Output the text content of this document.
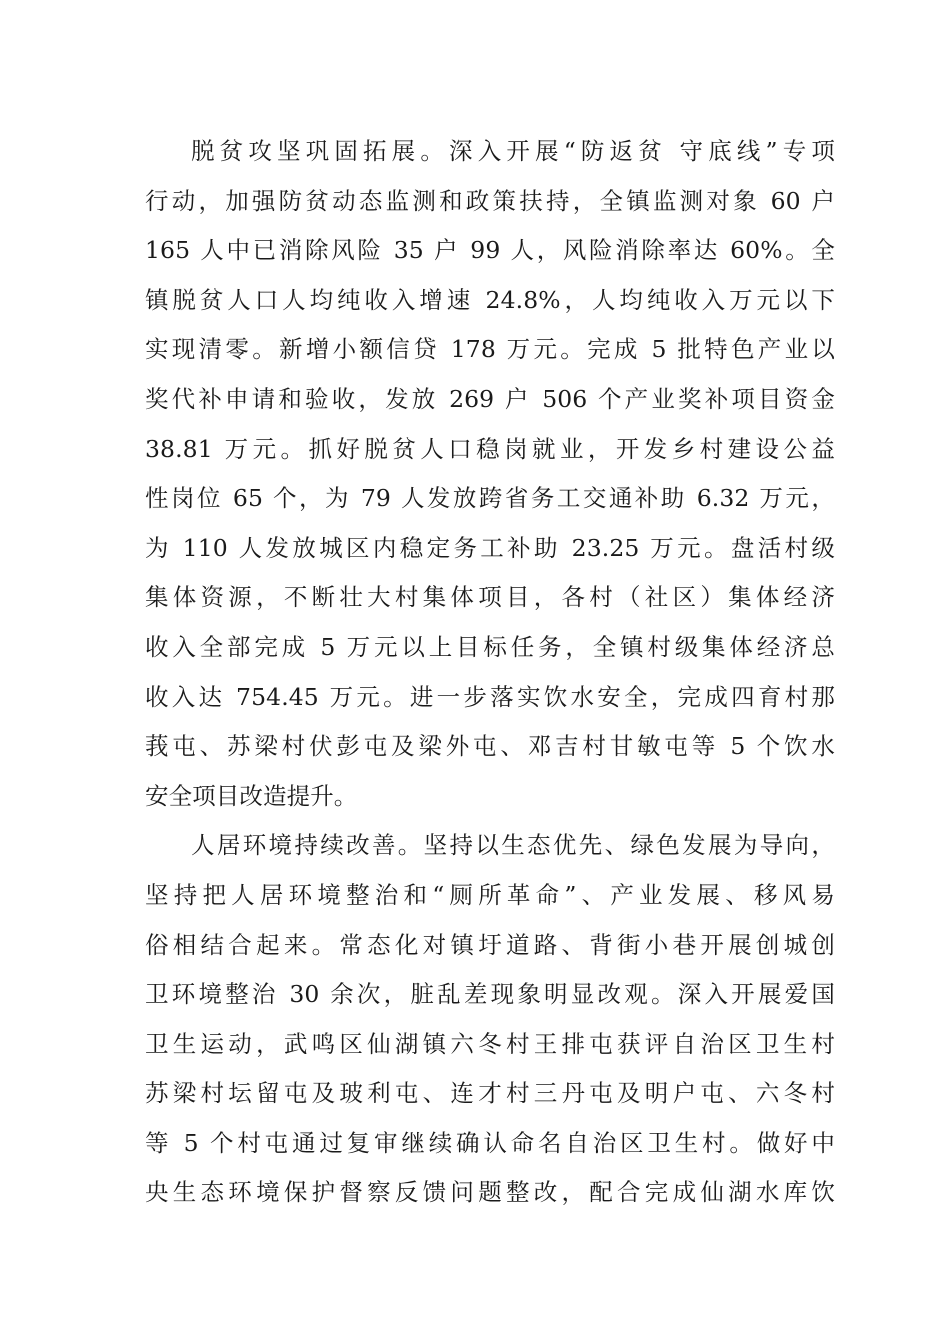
脱贫攻坚巩固拓展。深入开展“防返贫 守底线”专项
行动，加强防贫动态监测和政策扶持，全镇监测对象 60 户
165 人中已消除风险 35 户 99 人，风险消除率达 60%。全
镇脱贫人口人均纯收入增速 24.8%，人均纯收入万元以下
实现清零。新增小额信贷 178 万元。完成 5 批特色产业以
奖代补申请和验收，发放 269 户 506 个产业奖补项目资金
38.81 万元。抓好脱贫人口稳岗就业，开发乡村建设公益
性岗位 65 个，为 79 人发放跨省务工交通补助 6.32 万元，
为 110 人发放城区内稳定务工补助 23.25 万元。盘活村级
集体资源，不断壮大村集体项目，各村（社区）集体经济
收入全部完成 5 万元以上目标任务，全镇村级集体经济总
收入达 754.45 万元。进一步落实饮水安全，完成四育村那
莪屯、苏梁村伏彭屯及梁外屯、邓吉村甘敏屯等 5 个饮水
安全项目改造提升。
人居环境持续改善。坚持以生态优先、绿色发展为导向，
坚持把人居环境整治和“厕所革命”、产业发展、移风易
俗相结合起来。常态化对镇圩道路、背街小巷开展创城创
卫环境整治 30 余次，脏乱差现象明显改观。深入开展爱国
卫生运动，武鸣区仙湖镇六冬村王排屯获评自治区卫生村
苏梁村坛留屯及玻利屯、连才村三丹屯及明户屯、六冬村
等 5 个村屯通过复审继续确认命名自治区卫生村。做好中
央生态环境保护督察反馈问题整改，配合完成仙湖水库饮
